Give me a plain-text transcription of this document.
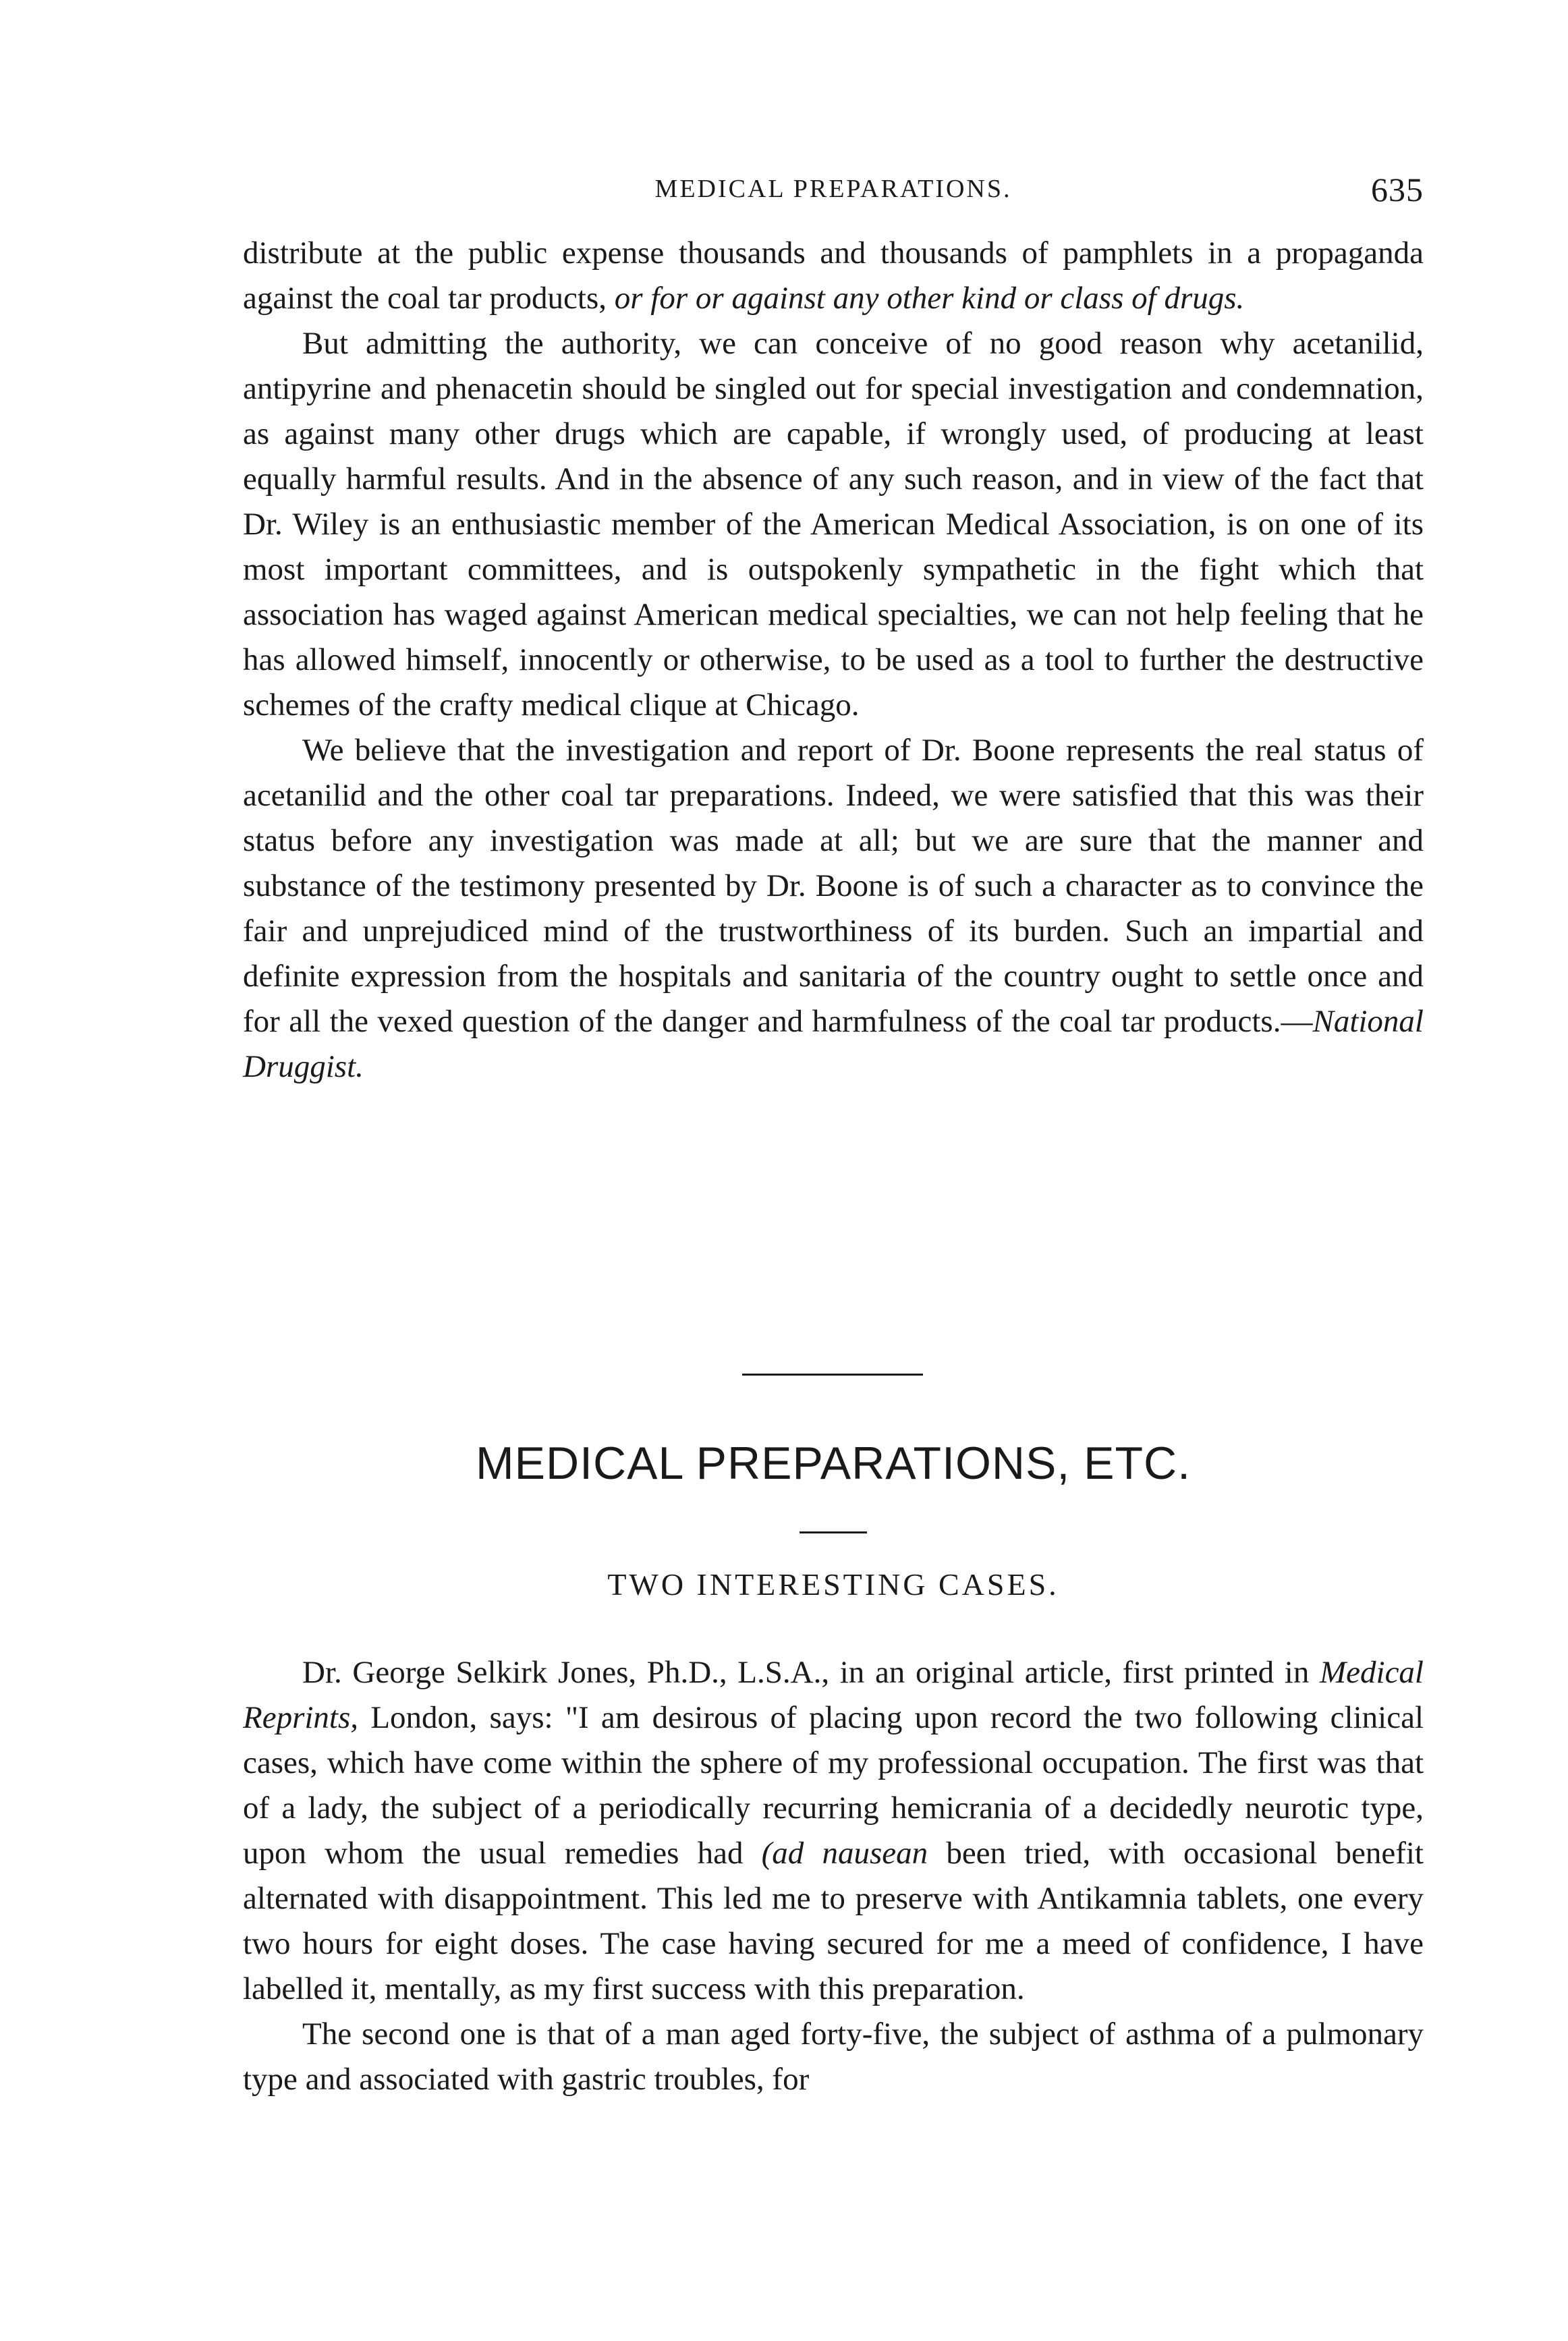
MEDICAL PREPARATIONS.	635

distribute at the public expense thousands and thousands of pamphlets in a propaganda against the coal tar products, or for or against any other kind or class of drugs.

But admitting the authority, we can conceive of no good reason why acetanilid, antipyrine and phenacetin should be singled out for special investigation and condemnation, as against many other drugs which are capable, if wrongly used, of producing at least equally harmful results. And in the absence of any such reason, and in view of the fact that Dr. Wiley is an enthusiastic member of the American Medical Association, is on one of its most important committees, and is outspokenly sympathetic in the fight which that association has waged against American medical specialties, we can not help feeling that he has allowed himself, innocently or otherwise, to be used as a tool to further the destructive schemes of the crafty medical clique at Chicago.

We believe that the investigation and report of Dr. Boone represents the real status of acetanilid and the other coal tar preparations. Indeed, we were satisfied that this was their status before any investigation was made at all; but we are sure that the manner and substance of the testimony presented by Dr. Boone is of such a character as to convince the fair and unprejudiced mind of the trustworthiness of its burden. Such an impartial and definite expression from the hospitals and sanitaria of the country ought to settle once and for all the vexed question of the danger and harmfulness of the coal tar products.—National Druggist.

MEDICAL PREPARATIONS, ETC.
TWO INTERESTING CASES.

Dr. George Selkirk Jones, Ph.D., L.S.A., in an original article, first printed in Medical Reprints, London, says: "I am desirous of placing upon record the two following clinical cases, which have come within the sphere of my professional occupation. The first was that of a lady, the subject of a periodically recurring hemicrania of a decidedly neurotic type, upon whom the usual remedies had (ad nausean been tried, with occasional benefit alternated with disappointment. This led me to preserve with Antikamnia tablets, one every two hours for eight doses. The case having secured for me a meed of confidence, I have labelled it, mentally, as my first success with this preparation.

The second one is that of a man aged forty-five, the subject of asthma of a pulmonary type and associated with gastric troubles, for
